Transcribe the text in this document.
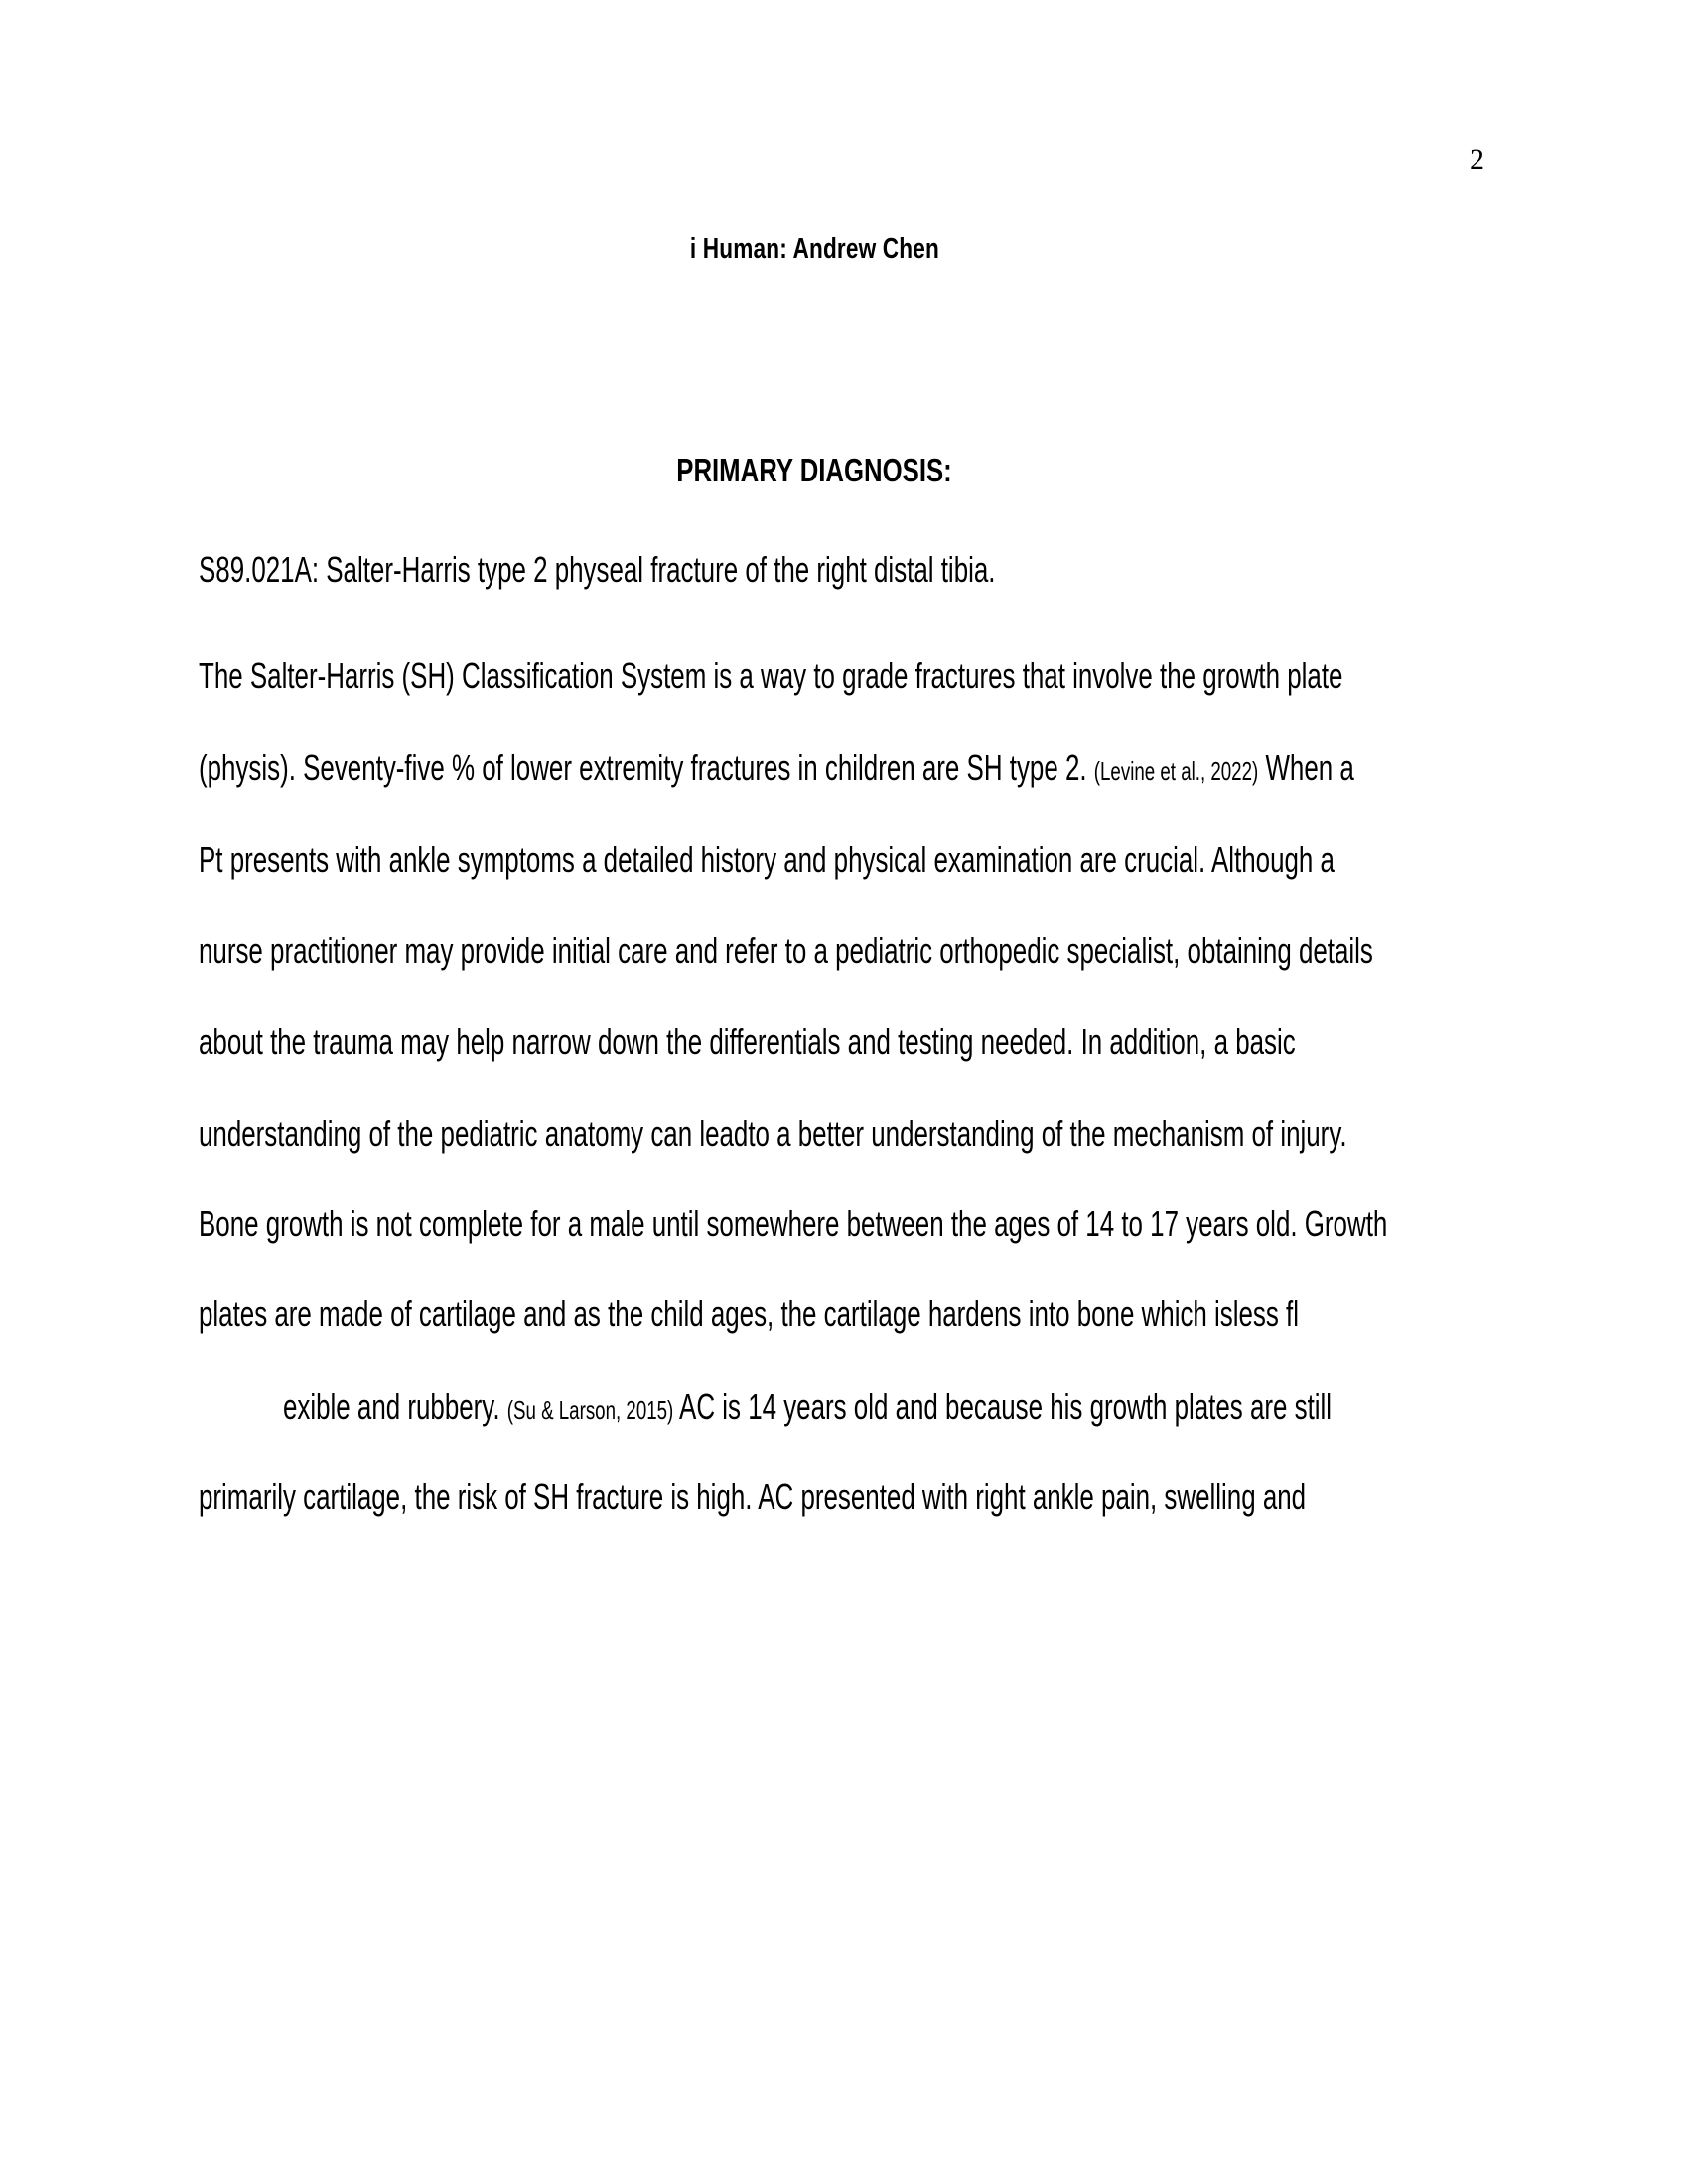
2
i Human: Andrew Chen
PRIMARY DIAGNOSIS:
S89.021A: Salter-Harris type 2 physeal fracture of the right distal tibia.
The Salter-Harris (SH) Classification System is a way to grade fractures that involve the growth plate
(physis). Seventy-five % of lower extremity fractures in children are SH type 2. (Levine et al., 2022) When a
Pt presents with ankle symptoms a detailed history and physical examination are crucial. Although a
nurse practitioner may provide initial care and refer to a pediatric orthopedic specialist, obtaining details
about the trauma may help narrow down the differentials and testing needed. In addition, a basic
understanding of the pediatric anatomy can leadto a better understanding of the mechanism of injury.
Bone growth is not complete for a male until somewhere between the ages of 14 to 17 years old. Growth
plates are made of cartilage and as the child ages, the cartilage hardens into bone which isless fl
exible and rubbery. (Su & Larson, 2015) AC is 14 years old and because his growth plates are still
primarily cartilage, the risk of SH fracture is high. AC presented with right ankle pain, swelling and
